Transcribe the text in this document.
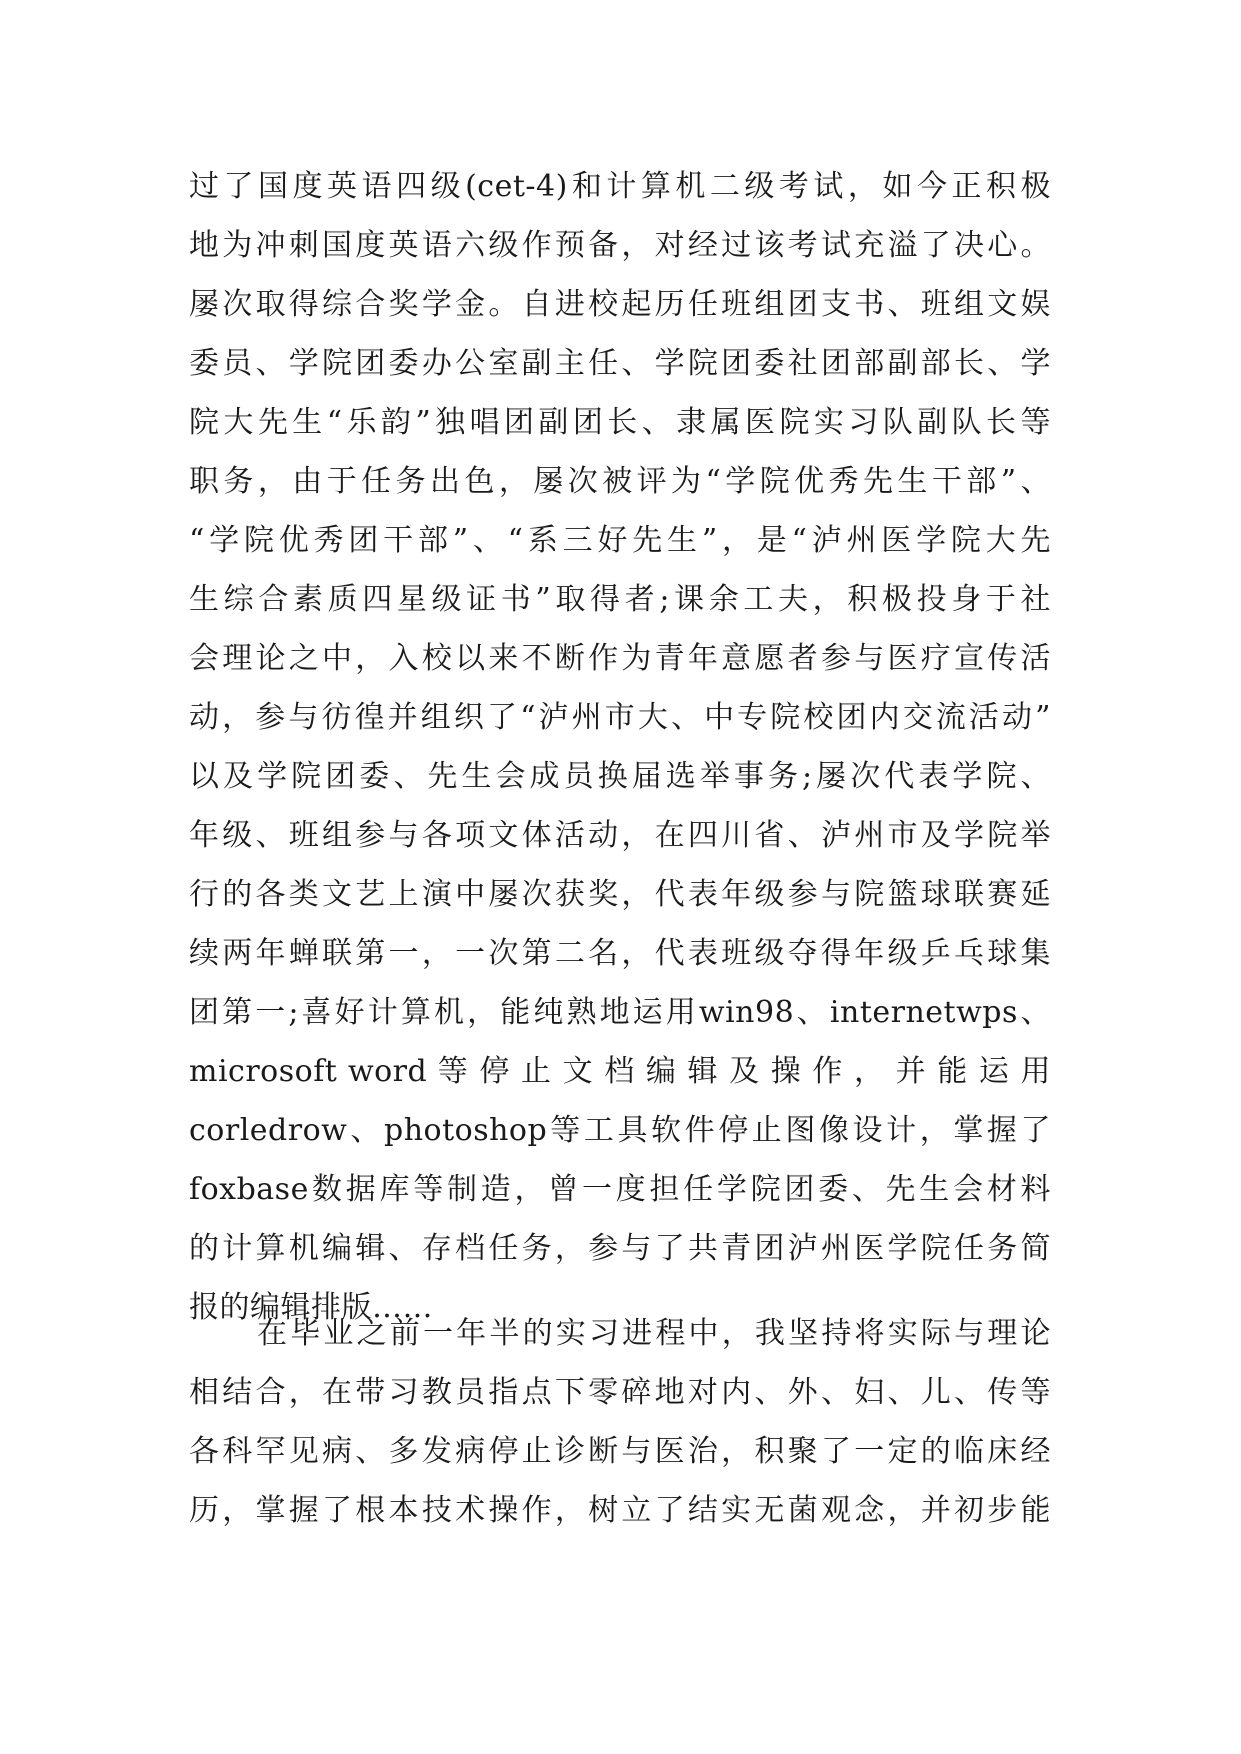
过了国度英语四级(cet-4)和计算机二级考试，如今正积极
地为冲刺国度英语六级作预备，对经过该考试充溢了决心。
屡次取得综合奖学金。自进校起历任班组团支书、班组文娱
委员、学院团委办公室副主任、学院团委社团部副部长、学
院大先生“乐韵”独唱团副团长、隶属医院实习队副队长等
职务，由于任务出色，屡次被评为“学院优秀先生干部”、
“学院优秀团干部”、“系三好先生”，是“泸州医学院大先
生综合素质四星级证书”取得者;课余工夫，积极投身于社
会理论之中，入校以来不断作为青年意愿者参与医疗宣传活
动，参与彷徨并组织了“泸州市大、中专院校团内交流活动”
以及学院团委、先生会成员换届选举事务;屡次代表学院、
年级、班组参与各项文体活动，在四川省、泸州市及学院举
行的各类文艺上演中屡次获奖，代表年级参与院篮球联赛延
续两年蝉联第一，一次第二名，代表班级夺得年级乒乓球集
团第一;喜好计算机，能纯熟地运用win98、internetwps、
microsoft word 等 停 止 文 档 编 辑 及 操 作 ， 并 能 运 用
corledrow、photoshop等工具软件停止图像设计，掌握了
foxbase数据库等制造，曾一度担任学院团委、先生会材料
的计算机编辑、存档任务，参与了共青团泸州医学院任务简
报的编辑排版……
在毕业之前一年半的实习进程中，我坚持将实际与理论
相结合，在带习教员指点下零碎地对内、外、妇、儿、传等
各科罕见病、多发病停止诊断与医治，积聚了一定的临床经
历，掌握了根本技术操作，树立了结实无菌观念，并初步能
